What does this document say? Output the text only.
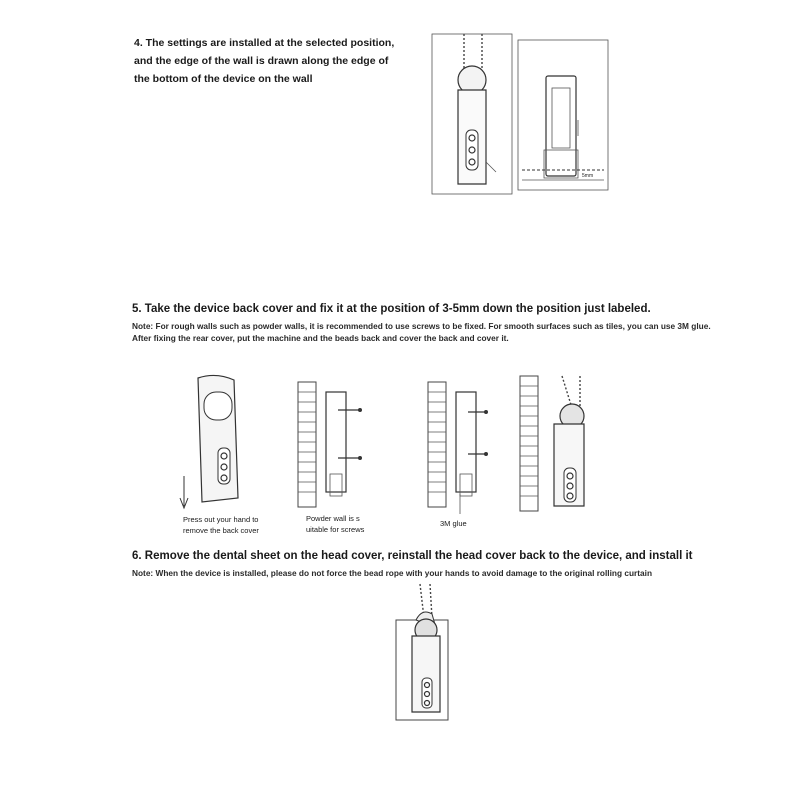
4. The settings are installed at the selected position,
and the edge of the wall is drawn along the edge of
the bottom of the device on the wall
5mm
5. Take the device back cover and fix it at the position of 3-5mm down the position just labeled.
Note: For rough walls such as powder walls, it is recommended to use screws to be fixed. For smooth surfaces such as tiles, you can use 3M glue.
After fixing the rear cover, put the machine and the beads back and cover the back and cover it.
Press out your hand to
remove the back cover
Powder wall is s
uitable for screws
3M glue
6. Remove the dental sheet on the head cover, reinstall the head cover back to the device, and install it
Note: When the device is installed, please do not force the bead rope with your hands to avoid damage to the original rolling curtain
